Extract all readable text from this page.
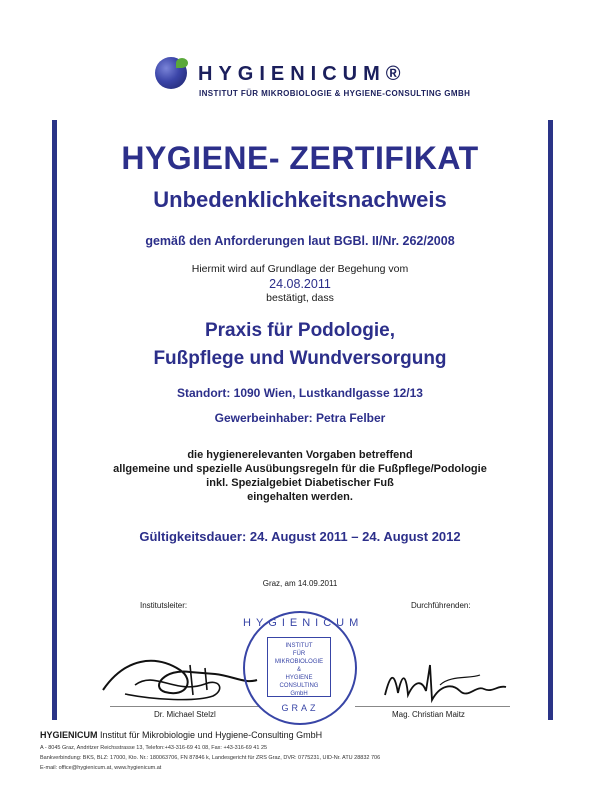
HYGIENICUM®
INSTITUT FÜR MIKROBIOLOGIE & HYGIENE-CONSULTING GMBH
HYGIENE- ZERTIFIKAT
Unbedenklichkeitsnachweis
gemäß den Anforderungen laut BGBl. II/Nr. 262/2008
Hiermit wird auf Grundlage der Begehung vom
24.08.2011
bestätigt, dass
Praxis für Podologie,
Fußpflege und Wundversorgung
Standort: 1090 Wien, Lustkandlgasse 12/13
Gewerbeinhaber: Petra Felber
die hygienerelevanten Vorgaben betreffend
allgemeine und spezielle Ausübungsregeln für die Fußpflege/Podologie
inkl. Spezialgebiet Diabetischer Fuß
eingehalten werden.
Gültigkeitsdauer: 24. August 2011 – 24. August 2012
Graz, am 14.09.2011
Institutsleiter:	Durchführenden:
Dr. Michael Stelzl	Mag. Christian Maitz
HYGIENICUM
INSTITUT
FÜR
MIKROBIOLOGIE
&
HYGIENE CONSULTING
GmbH
GRAZ
HYGIENICUM Institut für Mikrobiologie und Hygiene-Consulting GmbH
A - 8045 Graz, Andritzer Reichsstrasse 13, Telefon:+43-316-69 41 08, Fax: +43-316-69 41 25
Bankverbindung: BKS, BLZ: 17000, Kto. Nr.: 180063706, FN 87846 k, Landesgericht für ZRS Graz, DVR: 0775231, UID-Nr. ATU 28832 706
E-mail: office@hygienicum.at, www.hygienicum.at
